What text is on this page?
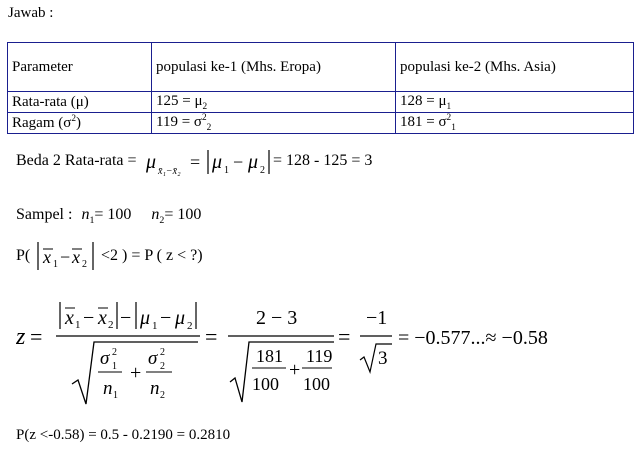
Jawab :
Parameter	populasi ke-1 (Mhs. Eropa)	populasi ke-2 (Mhs. Asia)
Rata-rata (μ)	$125 = \mu_2$	$128 = \mu_1$
Ragam $(\sigma^2)$	$119 = \sigma^2_2$	$181 = \sigma^2_1$
Beda 2 Rata-rata = μ x̄₁−x̄₂ = μ 1 − μ 2
= 128 - 125 = 3
Sampel : $n_1= 100$ $n_2= 100$
P( x 1 − x 2
<2 ) = P ( z < ?)
z =
x 1 − x 2 − μ 1 − μ 2
σ 1
2
n 1
+
σ 2
2
n 2
=
2 − 3
181
100
+
119
100
=
−1
3
= −0.577...≈ −0.58
P(z <-0.58) = 0.5 - 0.2190 = 0.2810
